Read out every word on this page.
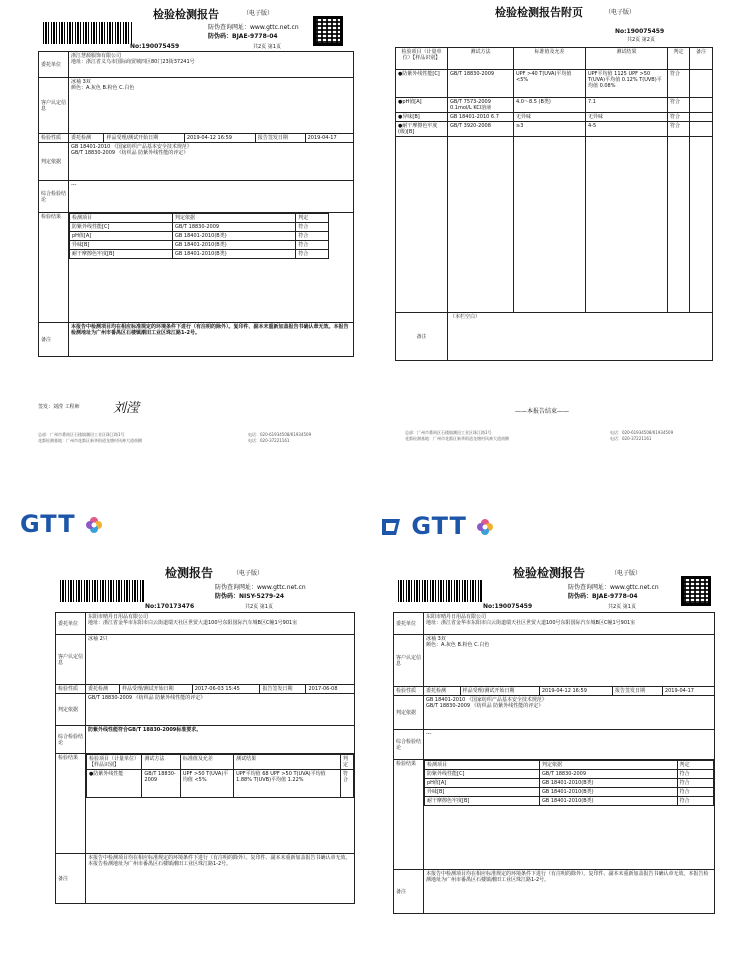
检验检测报告	（电子版）
防伪查询网址：www.gttc.net.cn
防伪码：BJAE-9778-04
No:190075459	共2页 第1页
委托单位	
浙江慧源服饰有限公司
地址：浙江省义乌市国际商贸城四区80门23街37241号

客户认定信息	
冰袖 3双
颜色：A.灰色 B.粉色 C.白色

检验性质	委托检测	样品受理/测试开始日期	2019-04-12 16:59	报告签发日期	2019-04-17
判定依据	
GB 18401-2010 《国家纺织产品基本安全技术规范》
GB/T 18830-2009 《纺织品 防紫外线性能的评定》

综合检验结论	---
检验结果	检测项目	判定依据	判定
防紫外线性能[C]	GB/T 18830-2009	符合
pH值[A]	GB 18401-2010(B类)	符合
异味[B]	GB 18401-2010(B类)	符合
耐干摩擦色牢度[B]	GB 18401-2010(B类)	符合

备注	本报告中检测项目均在相应标准规定的环境条件下进行（有注明的除外）。复印件、副本未重新加盖报告书确认章无效。本报告检测地址为广州市番禺区石楼镇潮田工业区珠江路1-2号。
签发：刘滢 工程师	刘滢
总部：广州市番禺区石楼镇潮田工业区珠江路1号
花都检测基地：广州市花都区新华街道龙塘村风神大道南侧
电话：020-61934508/61934509
电话：020-37221161
检验检测报告附页	（电子版）
No:190075459
共2页 第2页
检验项目（计量单位）【样品识别】	测试方法	标准值及允差	测试结果	判定	备注
●防紫外线性能[C]	GB/T 18830-2009	UPF >40 T(UVA)平均值 <5%	UPF平均值 1125 UPF >50 T(UVA)平均值 0.12% T(UVB)平均值 0.08%	符合	
●pH值[A]	GB/T 7573-2009 0.1mol/L KCl溶液	4.0～8.5 (B类)	7.1	符合	
●异味[B]	GB 18401-2010 6.7	无异味	无异味	符合	
●耐干摩擦色牢度(级)[B]	GB/T 3920-2008	≥3	4-5	符合	

备注	（本栏空白）				
——本报告结束——
总部：广州市番禺区石楼镇潮田工业区珠江路1号
花都检测基地：广州市花都区新华街道龙塘村风神大道南侧
电话：020-61934508/61934509
电话：020-37221161
GTT
检测报告	（电子版）
防伪查询网址：www.gttc.net.cn
防伪码：NISY-5279-24
No:170173476	共2页 第1页
委托单位	
东阳市晴丹日用品有限公司
地址：浙江省金华市东阳市白云街道瑞天社区世贸大道100号东阳国际汽车城B区C幢1号901室

客户认定信息	冰袖 2只
检验性质	委托检测	样品受理/测试开始日期	2017-06-03 15:45	报告签发日期	2017-06-08
判定依据	GB/T 18830-2009 《纺织品 防紫外线性能的评定》
综合检验结论	防紫外线性能符合GB/T 18830-2009标准要求。
检验结果	检验项目（计量单位）【样品识别】	测试方法	标准值及允差	测试结果	判定
●防紫外线性能	GB/T 18830-2009	UPF >50 T(UVA)平均值 <5%	UPF平均值 68 UPF >50 T(UVA)平均值 1.88% T(UVB)平均值 1.22%	符合

备注	本报告中检测项目均在相应标准规定的环境条件下进行（有注明的除外）。复印件、副本未重新加盖报告书确认章无效。本报告检测地址为广州市番禺区石楼镇潮田工业区珠江路1-2号。
GTT
检验检测报告	（电子版）
防伪查询网址：www.gttc.net.cn
防伪码：BJAE-9778-04
No:190075459	共2页 第1页
委托单位	
东阳市晴丹日用品有限公司
地址：浙江省金华市东阳市白云街道瑞天社区世贸大道100号东阳国际汽车城B区C幢1号901室

客户认定信息	
冰袖 3双
颜色：A.灰色 B.粉色 C.白色

检验性质	委托检测	样品受理/测试开始日期	2019-04-12 16:59	报告签发日期	2019-04-17
判定依据	
GB 18401-2010 《国家纺织产品基本安全技术规范》
GB/T 18830-2009 《纺织品 防紫外线性能的评定》

综合检验结论	---
检验结果	检测项目	判定依据	判定
防紫外线性能[C]	GB/T 18830-2009	符合
pH值[A]	GB 18401-2010(B类)	符合
异味[B]	GB 18401-2010(B类)	符合
耐干摩擦色牢度[B]	GB 18401-2010(B类)	符合

备注	本报告中检测项目均在相应标准规定的环境条件下进行（有注明的除外）。复印件、副本未重新加盖报告书确认章无效。本报告检测地址为广州市番禺区石楼镇潮田工业区珠江路1-2号。
